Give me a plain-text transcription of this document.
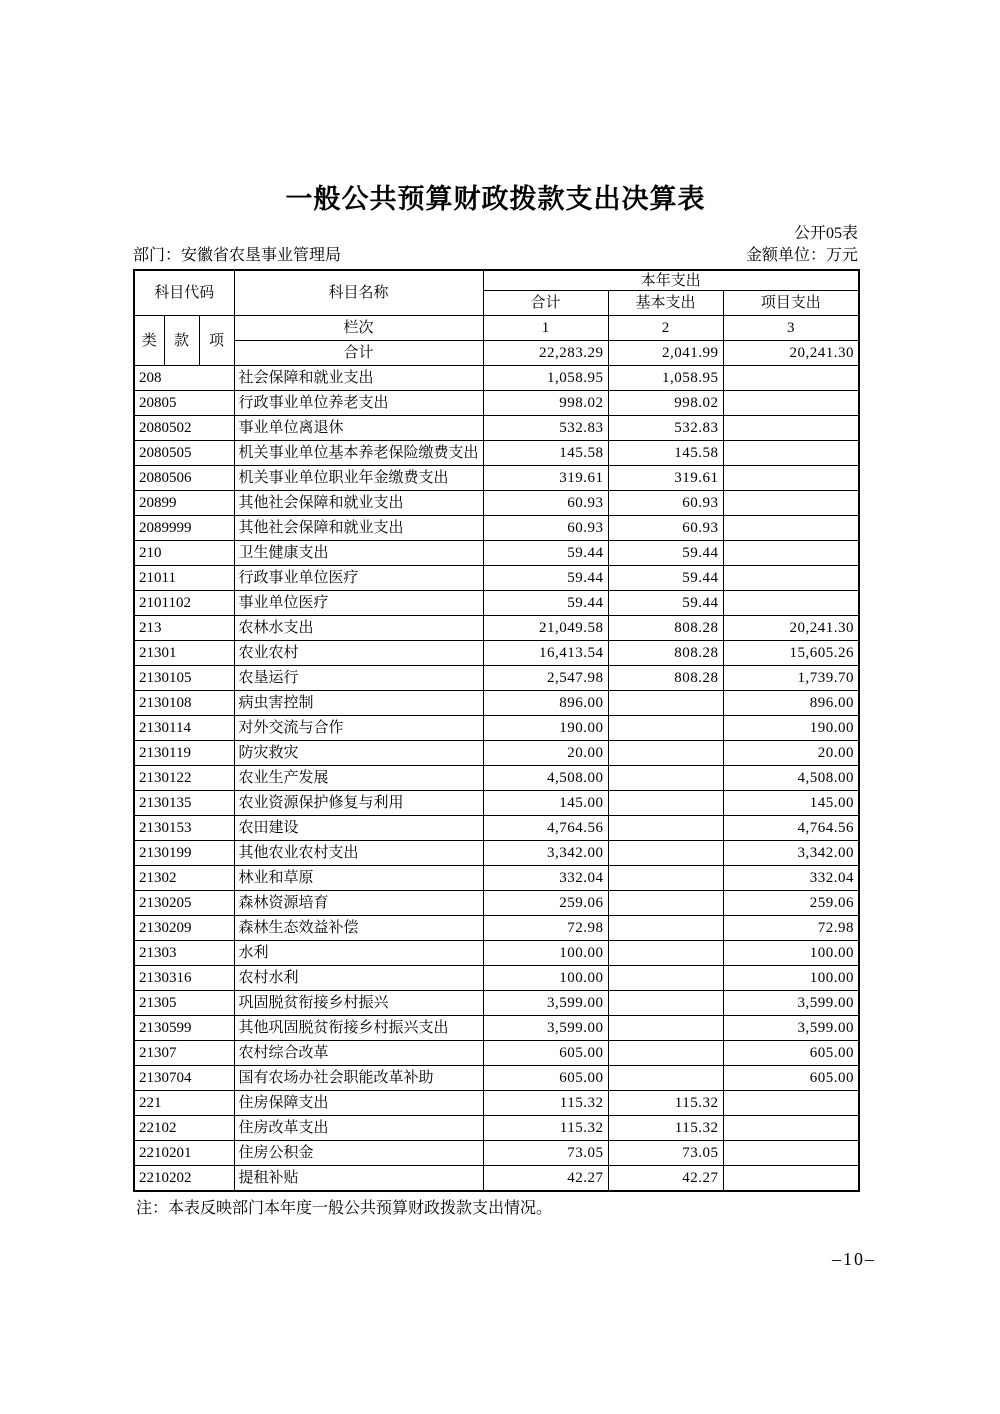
一般公共预算财政拨款支出决算表
公开05表
部门：安徽省农垦事业管理局	金额单位：万元
科目代码			科目名称	本年支出		
				合计	基本支出	项目支出
类	款	项	栏次	1	2	3
			合计	22,283.29	2,041.99	20,241.30
208			社会保障和就业支出	1,058.95	1,058.95	
20805			行政事业单位养老支出	998.02	998.02	
2080502			事业单位离退休	532.83	532.83	
2080505			机关事业单位基本养老保险缴费支出	145.58	145.58	
2080506			机关事业单位职业年金缴费支出	319.61	319.61	
20899			其他社会保障和就业支出	60.93	60.93	
2089999			其他社会保障和就业支出	60.93	60.93	
210			卫生健康支出	59.44	59.44	
21011			行政事业单位医疗	59.44	59.44	
2101102			事业单位医疗	59.44	59.44	
213			农林水支出	21,049.58	808.28	20,241.30
21301			农业农村	16,413.54	808.28	15,605.26
2130105			农垦运行	2,547.98	808.28	1,739.70
2130108			病虫害控制	896.00		896.00
2130114			对外交流与合作	190.00		190.00
2130119			防灾救灾	20.00		20.00
2130122			农业生产发展	4,508.00		4,508.00
2130135			农业资源保护修复与利用	145.00		145.00
2130153			农田建设	4,764.56		4,764.56
2130199			其他农业农村支出	3,342.00		3,342.00
21302			林业和草原	332.04		332.04
2130205			森林资源培育	259.06		259.06
2130209			森林生态效益补偿	72.98		72.98
21303			水利	100.00		100.00
2130316			农村水利	100.00		100.00
21305			巩固脱贫衔接乡村振兴	3,599.00		3,599.00
2130599			其他巩固脱贫衔接乡村振兴支出	3,599.00		3,599.00
21307			农村综合改革	605.00		605.00
2130704			国有农场办社会职能改革补助	605.00		605.00
221			住房保障支出	115.32	115.32	
22102			住房改革支出	115.32	115.32	
2210201			住房公积金	73.05	73.05	
2210202			提租补贴	42.27	42.27	
注：本表反映部门本年度一般公共预算财政拨款支出情况。
–10–
